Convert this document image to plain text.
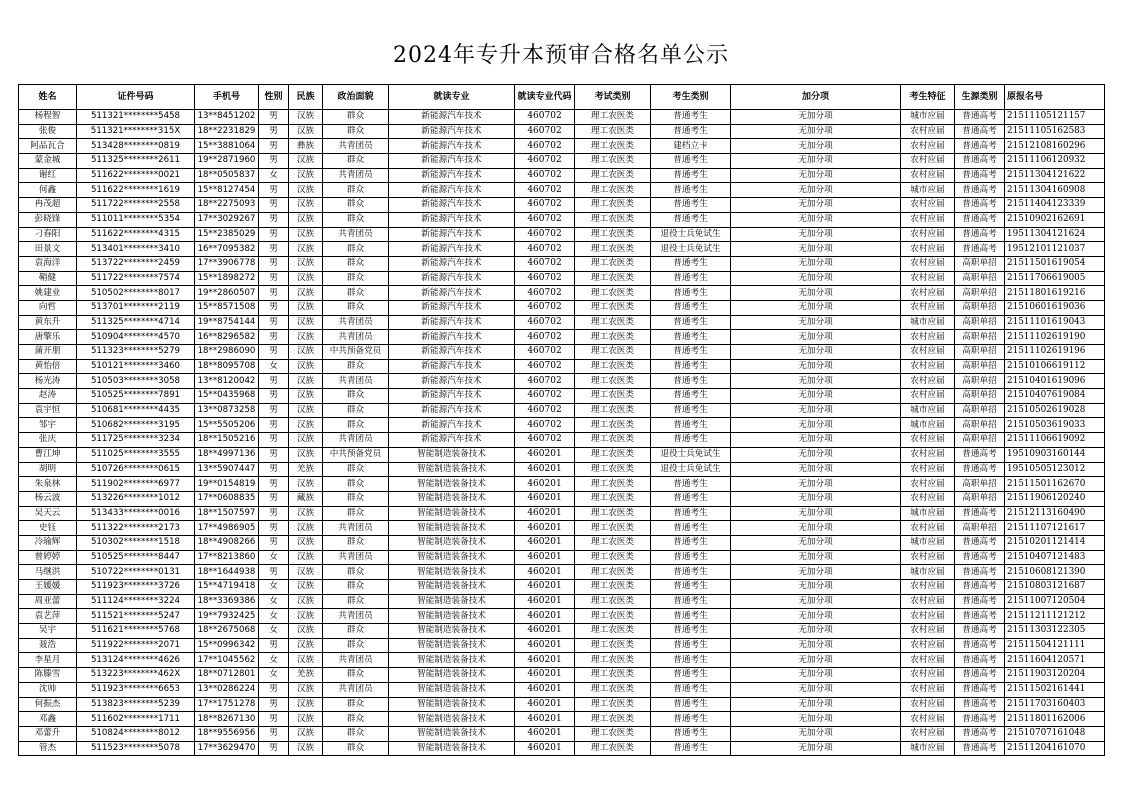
2024年专升本预审合格名单公示
姓名	证件号码	手机号	性别	民族	政治面貌	就读专业	就读专业代码	考试类别	考生类别	加分项	考生特征	生源类别	原报名号
杨程智	511321********5458	13**8451202	男	汉族	群众	新能源汽车技术	460702	理工农医类	普通考生	无加分项	城市应届	普通高考	21511105121157
张俊	511321********315X	18**2231829	男	汉族	群众	新能源汽车技术	460702	理工农医类	普通考生	无加分项	农村应届	普通高考	21511105162583
阿品瓦合	513428********0819	15**3881064	男	彝族	共青团员	新能源汽车技术	460702	理工农医类	建档立卡	无加分项	农村应届	普通高考	21512108160296
蒙金城	511325********2611	19**2871960	男	汉族	群众	新能源汽车技术	460702	理工农医类	普通考生	无加分项	农村应届	普通高考	21511106120932
谢红	511622********0021	18**0505837	女	汉族	共青团员	新能源汽车技术	460702	理工农医类	普通考生	无加分项	农村应届	普通高考	21511304121622
何鑫	511622********1619	15**8127454	男	汉族	群众	新能源汽车技术	460702	理工农医类	普通考生	无加分项	城市应届	普通高考	21511304160908
冉茂超	511722********2558	18**2275093	男	汉族	群众	新能源汽车技术	460702	理工农医类	普通考生	无加分项	农村应届	普通高考	21511404123339
彭晓锋	511011********5354	17**3029267	男	汉族	群众	新能源汽车技术	460702	理工农医类	普通考生	无加分项	农村应届	普通高考	21510902162691
刁春阳	511622********4315	15**2385029	男	汉族	共青团员	新能源汽车技术	460702	理工农医类	退役士兵免试生	无加分项	农村应届	普通高考	19511304121624
田景文	513401********3410	16**7095382	男	汉族	群众	新能源汽车技术	460702	理工农医类	退役士兵免试生	无加分项	农村应届	普通高考	19512101121037
袁海洋	513722********2459	17**3906778	男	汉族	群众	新能源汽车技术	460702	理工农医类	普通考生	无加分项	农村应届	高职单招	21511501619054
鞘健	511722********7574	15**1898272	男	汉族	群众	新能源汽车技术	460702	理工农医类	普通考生	无加分项	农村应届	高职单招	21511706619005
姚建业	510502********8017	19**2860507	男	汉族	群众	新能源汽车技术	460702	理工农医类	普通考生	无加分项	农村应届	高职单招	21511801619216
向哲	513701********2119	15**8571508	男	汉族	群众	新能源汽车技术	460702	理工农医类	普通考生	无加分项	农村应届	高职单招	21510601619036
黄东升	511325********4714	19**8754144	男	汉族	共青团员	新能源汽车技术	460702	理工农医类	普通考生	无加分项	城市应届	高职单招	21511101619043
唐擎乐	510904********4570	16**8296582	男	汉族	共青团员	新能源汽车技术	460702	理工农医类	普通考生	无加分项	农村应届	高职单招	21511102619190
蒲开朋	511323********5279	18**2986090	男	汉族	中共预备党员	新能源汽车技术	460702	理工农医类	普通考生	无加分项	农村应届	高职单招	21511102619196
黄怡倍	510121********3460	18**8095708	女	汉族	群众	新能源汽车技术	460702	理工农医类	普通考生	无加分项	农村应届	高职单招	21510106619112
杨光涛	510503********3058	13**8120042	男	汉族	共青团员	新能源汽车技术	460702	理工农医类	普通考生	无加分项	农村应届	高职单招	21510401619096
赵涛	510525********7891	15**0435968	男	汉族	群众	新能源汽车技术	460702	理工农医类	普通考生	无加分项	农村应届	高职单招	21510407619084
袁宇恒	510681********4435	13**0873258	男	汉族	群众	新能源汽车技术	460702	理工农医类	普通考生	无加分项	城市应届	高职单招	21510502619028
邹宇	510682********3195	15**5505206	男	汉族	群众	新能源汽车技术	460702	理工农医类	普通考生	无加分项	城市应届	高职单招	21510503619033
张庆	511725********3234	18**1505216	男	汉族	共青团员	新能源汽车技术	460702	理工农医类	普通考生	无加分项	农村应届	高职单招	21511106619092
曹江坤	511025********3555	18**4997136	男	汉族	中共预备党员	智能制造装备技术	460201	理工农医类	退役士兵免试生	无加分项	农村应届	普通高考	19510903160144
胡明	510726********0615	13**5907447	男	羌族	群众	智能制造装备技术	460201	理工农医类	退役士兵免试生	无加分项	农村应届	普通高考	19510505123012
朱泉林	511902********6977	19**0154819	男	汉族	群众	智能制造装备技术	460201	理工农医类	普通考生	无加分项	农村应届	高职单招	21511501162670
杨云波	513226********1012	17**0608835	男	藏族	群众	智能制造装备技术	460201	理工农医类	普通考生	无加分项	农村应届	高职单招	21511906120240
吴天云	513433********0016	18**1507597	男	汉族	群众	智能制造装备技术	460201	理工农医类	普通考生	无加分项	城市应届	普通高考	21512113160490
史钰	511322********2173	17**4986905	男	汉族	共青团员	智能制造装备技术	460201	理工农医类	普通考生	无加分项	农村应届	高职单招	21511107121617
冷瑜辉	510302********1518	18**4908266	男	汉族	群众	智能制造装备技术	460201	理工农医类	普通考生	无加分项	城市应届	普通高考	21510201121414
曾婷婷	510525********8447	17**8213860	女	汉族	共青团员	智能制造装备技术	460201	理工农医类	普通考生	无加分项	农村应届	普通高考	21510407121483
马继洪	510722********0131	18**1644938	男	汉族	群众	智能制造装备技术	460201	理工农医类	普通考生	无加分项	城市应届	普通高考	21510608121390
王媛媛	511923********3726	15**4719418	女	汉族	群众	智能制造装备技术	460201	理工农医类	普通考生	无加分项	农村应届	普通高考	21510803121687
周亚蕾	511124********3224	18**3369386	女	汉族	群众	智能制造装备技术	460201	理工农医类	普通考生	无加分项	农村应届	普通高考	21511007120504
袁艺萍	511521********5247	19**7932425	女	汉族	共青团员	智能制造装备技术	460201	理工农医类	普通考生	无加分项	农村应届	普通高考	21511211121212
吴宇	511621********5768	18**2675068	女	汉族	群众	智能制造装备技术	460201	理工农医类	普通考生	无加分项	农村应届	普通高考	21511303122305
聂浩	511922********2071	15**0996342	男	汉族	群众	智能制造装备技术	460201	理工农医类	普通考生	无加分项	农村应届	普通高考	21511504121111
李星月	513124********4626	17**1045562	女	汉族	共青团员	智能制造装备技术	460201	理工农医类	普通考生	无加分项	农村应届	普通高考	21511604120571
陈滕雪	513223********462X	18**0712801	女	羌族	群众	智能制造装备技术	460201	理工农医类	普通考生	无加分项	农村应届	普通高考	21511903120204
沈帅	511923********6653	13**0286224	男	汉族	共青团员	智能制造装备技术	460201	理工农医类	普通考生	无加分项	农村应届	普通高考	21511502161441
何振杰	513823********5239	17**1751278	男	汉族	群众	智能制造装备技术	460201	理工农医类	普通考生	无加分项	农村应届	普通高考	21511703160403
邓鑫	511602********1711	18**8267130	男	汉族	群众	智能制造装备技术	460201	理工农医类	普通考生	无加分项	农村应届	普通高考	21511801162006
邓蕾升	510824********8012	18**9556956	男	汉族	群众	智能制造装备技术	460201	理工农医类	普通考生	无加分项	农村应届	普通高考	21510707161048
管杰	511523********5078	17**3629470	男	汉族	群众	智能制造装备技术	460201	理工农医类	普通考生	无加分项	城市应届	普通高考	21511204161070
